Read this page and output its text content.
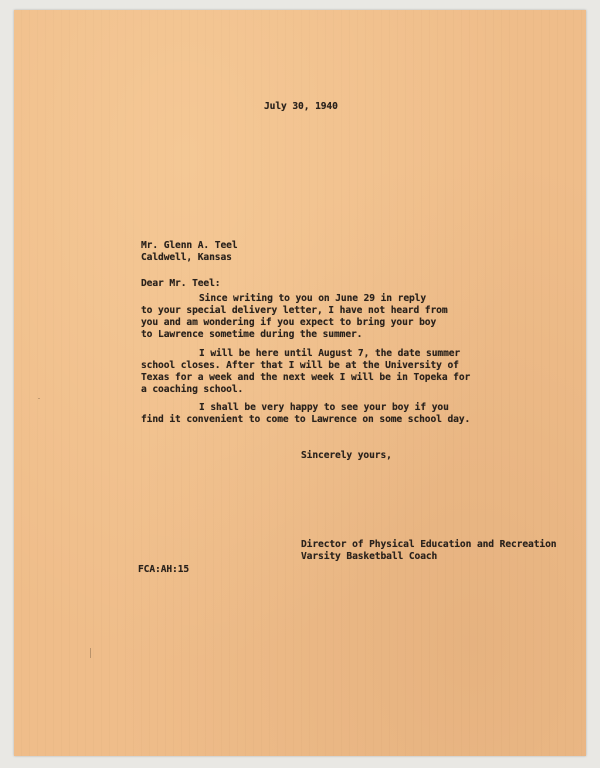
July 30, 1940
Mr. Glenn A. Teel
Caldwell, Kansas
Dear Mr. Teel:
Since writing to you on June 29 in reply
to your special delivery letter, I have not heard from
you and am wondering if you expect to bring your boy
to Lawrence sometime during the summer.
I will be here until August 7, the date summer
school closes. After that I will be at the University of
Texas for a week and the next week I will be in Topeka for
a coaching school.
I shall be very happy to see your boy if you
find it convenient to come to Lawrence on some school day.
Sincerely yours,
Director of Physical Education and Recreation
Varsity Basketball Coach
FCA:AH:15
